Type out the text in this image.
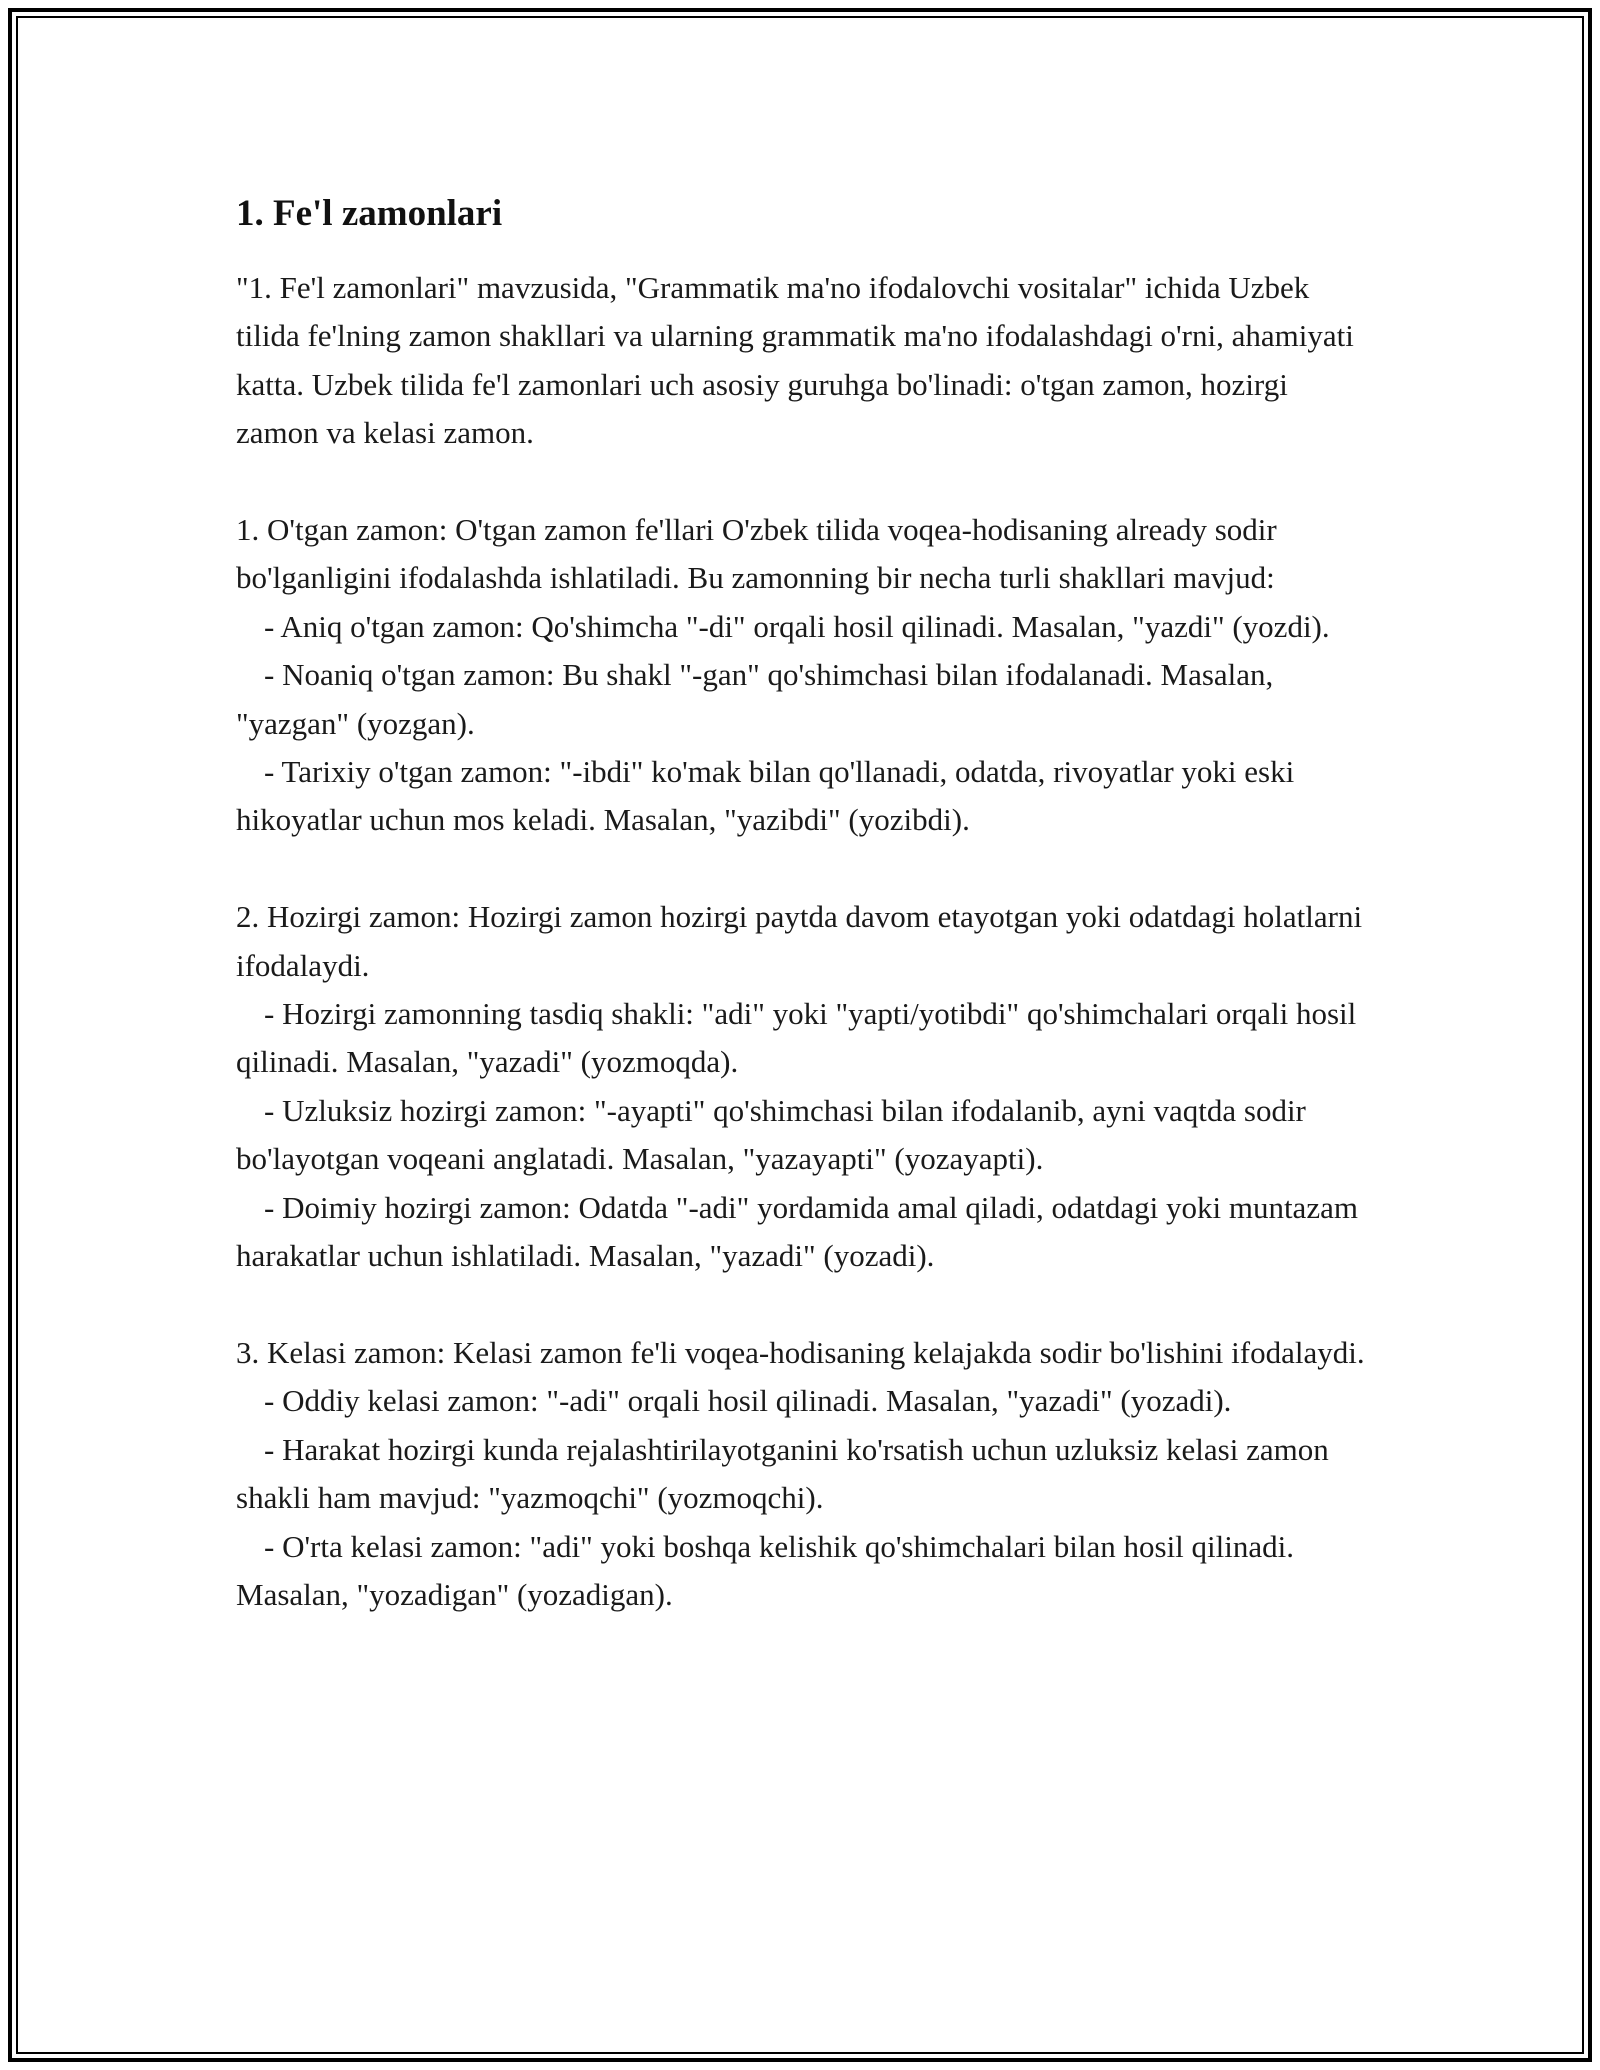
1. Fe'l zamonlari

"1. Fe'l zamonlari" mavzusida, "Grammatik ma'no ifodalovchi vositalar" ichida Uzbek tilida fe'lning zamon shakllari va ularning grammatik ma'no ifodalashdagi o'rni, ahamiyati katta. Uzbek tilida fe'l zamonlari uch asosiy guruhga bo'linadi: o'tgan zamon, hozirgi zamon va kelasi zamon.

1. O'tgan zamon: O'tgan zamon fe'llari O'zbek tilida voqea-hodisaning already sodir bo'lganligini ifodalashda ishlatiladi. Bu zamonning bir necha turli shakllari mavjud:

- Aniq o'tgan zamon: Qo'shimcha "-di" orqali hosil qilinadi. Masalan, "yazdi" (yozdi).

- Noaniq o'tgan zamon: Bu shakl "-gan" qo'shimchasi bilan ifodalanadi. Masalan, "yazgan" (yozgan).

- Tarixiy o'tgan zamon: "-ibdi" ko'mak bilan qo'llanadi, odatda, rivoyatlar yoki eski hikoyatlar uchun mos keladi. Masalan, "yazibdi" (yozibdi).

2. Hozirgi zamon: Hozirgi zamon hozirgi paytda davom etayotgan yoki odatdagi holatlarni ifodalaydi.

- Hozirgi zamonning tasdiq shakli: "adi" yoki "yapti/yotibdi" qo'shimchalari orqali hosil qilinadi. Masalan, "yazadi" (yozmoqda).

- Uzluksiz hozirgi zamon: "-ayapti" qo'shimchasi bilan ifodalanib, ayni vaqtda sodir bo'layotgan voqeani anglatadi. Masalan, "yazayapti" (yozayapti).

- Doimiy hozirgi zamon: Odatda "-adi" yordamida amal qiladi, odatdagi yoki muntazam harakatlar uchun ishlatiladi. Masalan, "yazadi" (yozadi).

3. Kelasi zamon: Kelasi zamon fe'li voqea-hodisaning kelajakda sodir bo'lishini ifodalaydi.

- Oddiy kelasi zamon: "-adi" orqali hosil qilinadi. Masalan, "yazadi" (yozadi).

- Harakat hozirgi kunda rejalashtirilayotganini ko'rsatish uchun uzluksiz kelasi zamon shakli ham mavjud: "yazmoqchi" (yozmoqchi).

- O'rta kelasi zamon: "adi" yoki boshqa kelishik qo'shimchalari bilan hosil qilinadi. Masalan, "yozadigan" (yozadigan).
